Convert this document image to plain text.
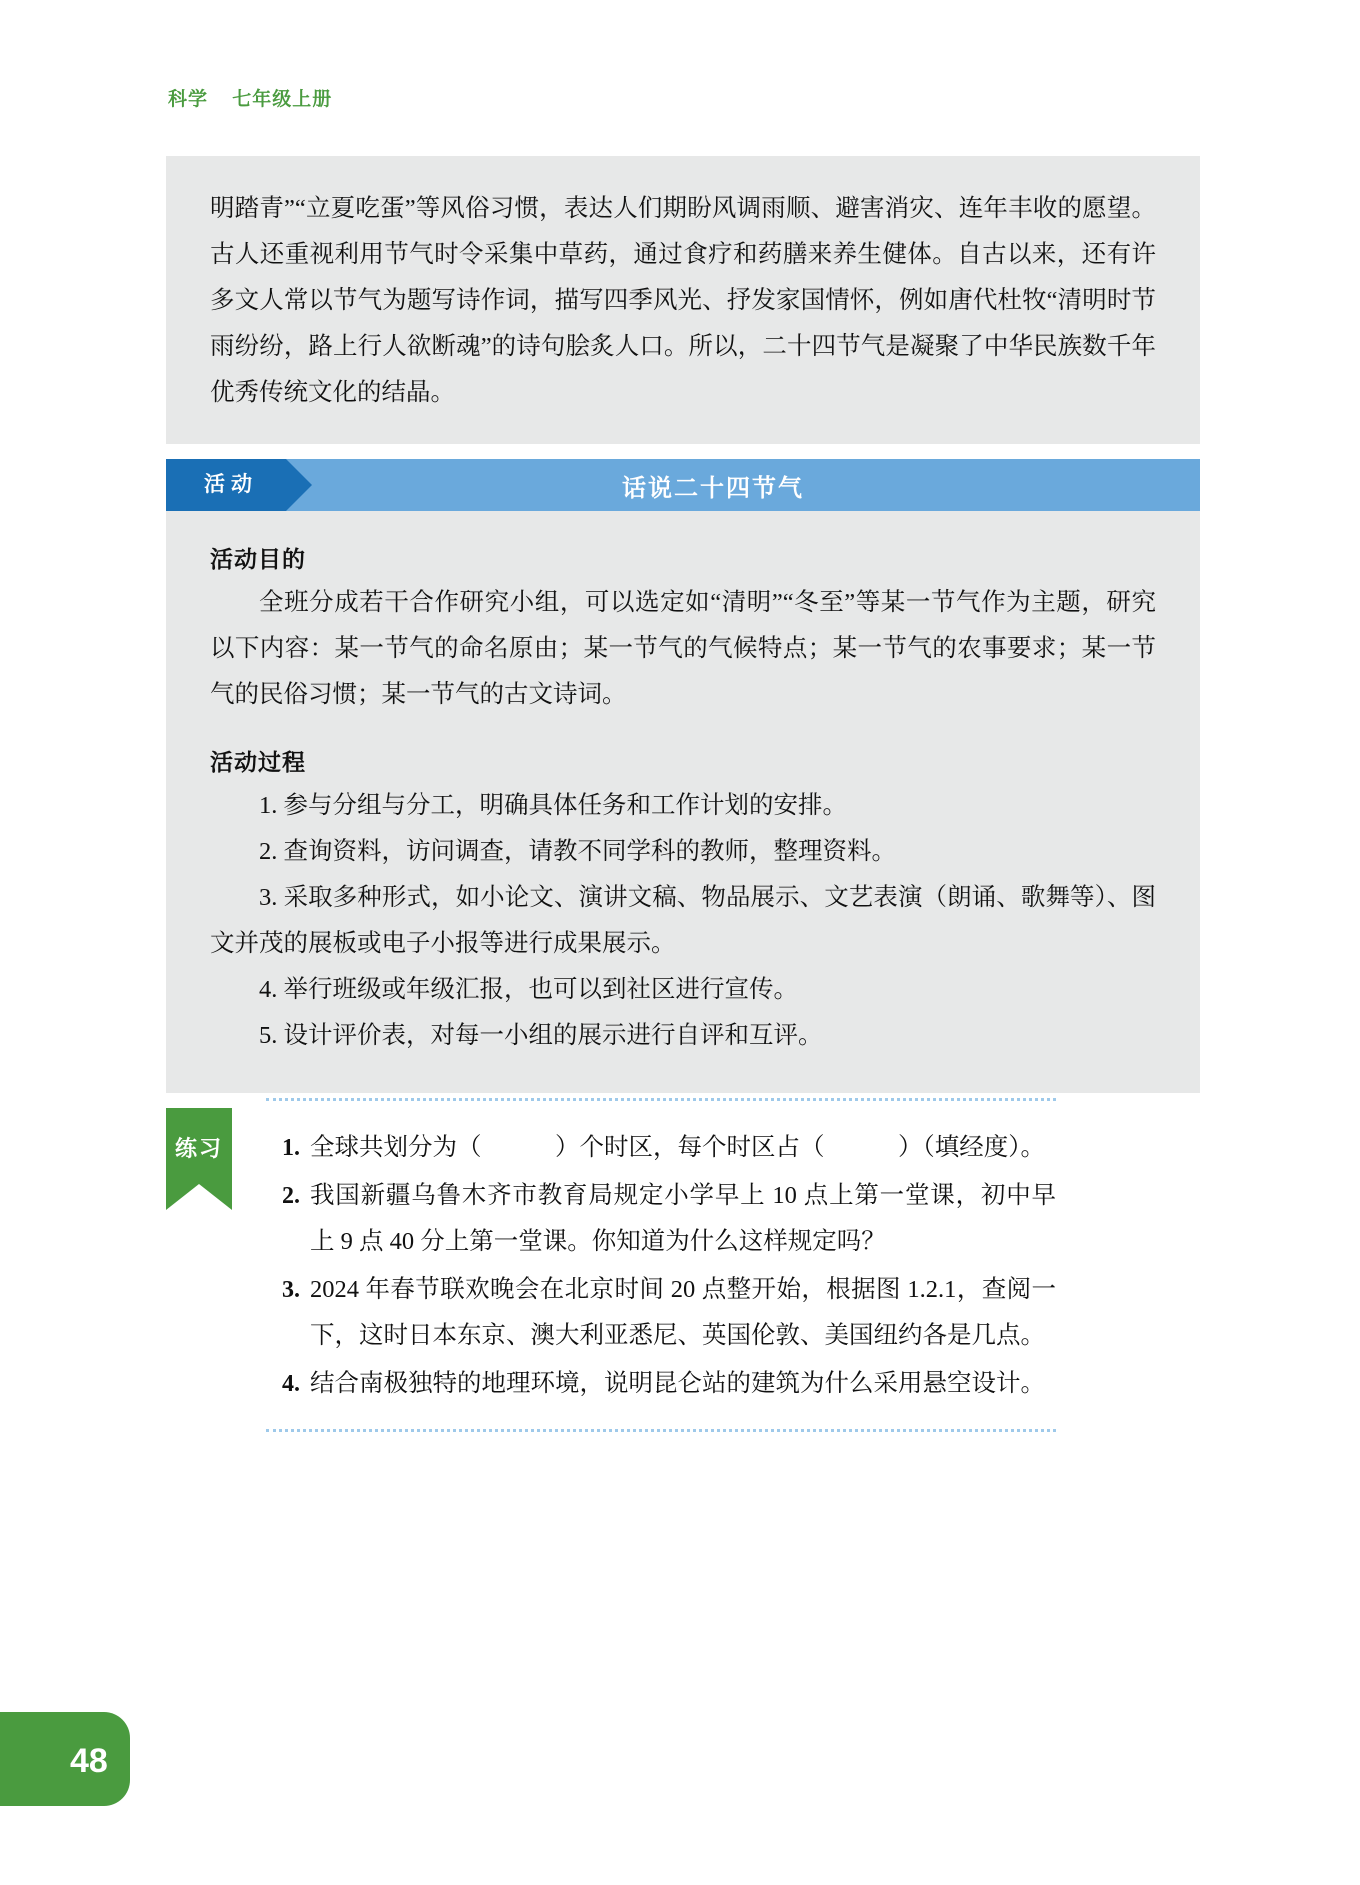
科学 七年级上册
明踏青”“立夏吃蛋”等风俗习惯，表达人们期盼风调雨顺、避害消灾、连年丰收的愿望。古人还重视利用节气时令采集中草药，通过食疗和药膳来养生健体。自古以来，还有许多文人常以节气为题写诗作词，描写四季风光、抒发家国情怀，例如唐代杜牧“清明时节雨纷纷，路上行人欲断魂”的诗句脍炙人口。所以，二十四节气是凝聚了中华民族数千年优秀传统文化的结晶。
活动	话说二十四节气
活动目的
全班分成若干合作研究小组，可以选定如“清明”“冬至”等某一节气作为主题，研究以下内容：某一节气的命名原由；某一节气的气候特点；某一节气的农事要求；某一节气的民俗习惯；某一节气的古文诗词。
活动过程
1. 参与分组与分工，明确具体任务和工作计划的安排。
2. 查询资料，访问调查，请教不同学科的教师，整理资料。
3. 采取多种形式，如小论文、演讲文稿、物品展示、文艺表演（朗诵、歌舞等）、图文并茂的展板或电子小报等进行成果展示。
4. 举行班级或年级汇报，也可以到社区进行宣传。
5. 设计评价表，对每一小组的展示进行自评和互评。
练习	1. 全球共划分为（　　　）个时区，每个时区占（　　　）（填经度）。
2. 我国新疆乌鲁木齐市教育局规定小学早上 10 点上第一堂课，初中早上 9 点 40 分上第一堂课。你知道为什么这样规定吗？
3. 2024 年春节联欢晚会在北京时间 20 点整开始，根据图 1.2.1，查阅一下，这时日本东京、澳大利亚悉尼、英国伦敦、美国纽约各是几点。
4. 结合南极独特的地理环境，说明昆仑站的建筑为什么采用悬空设计。
48
